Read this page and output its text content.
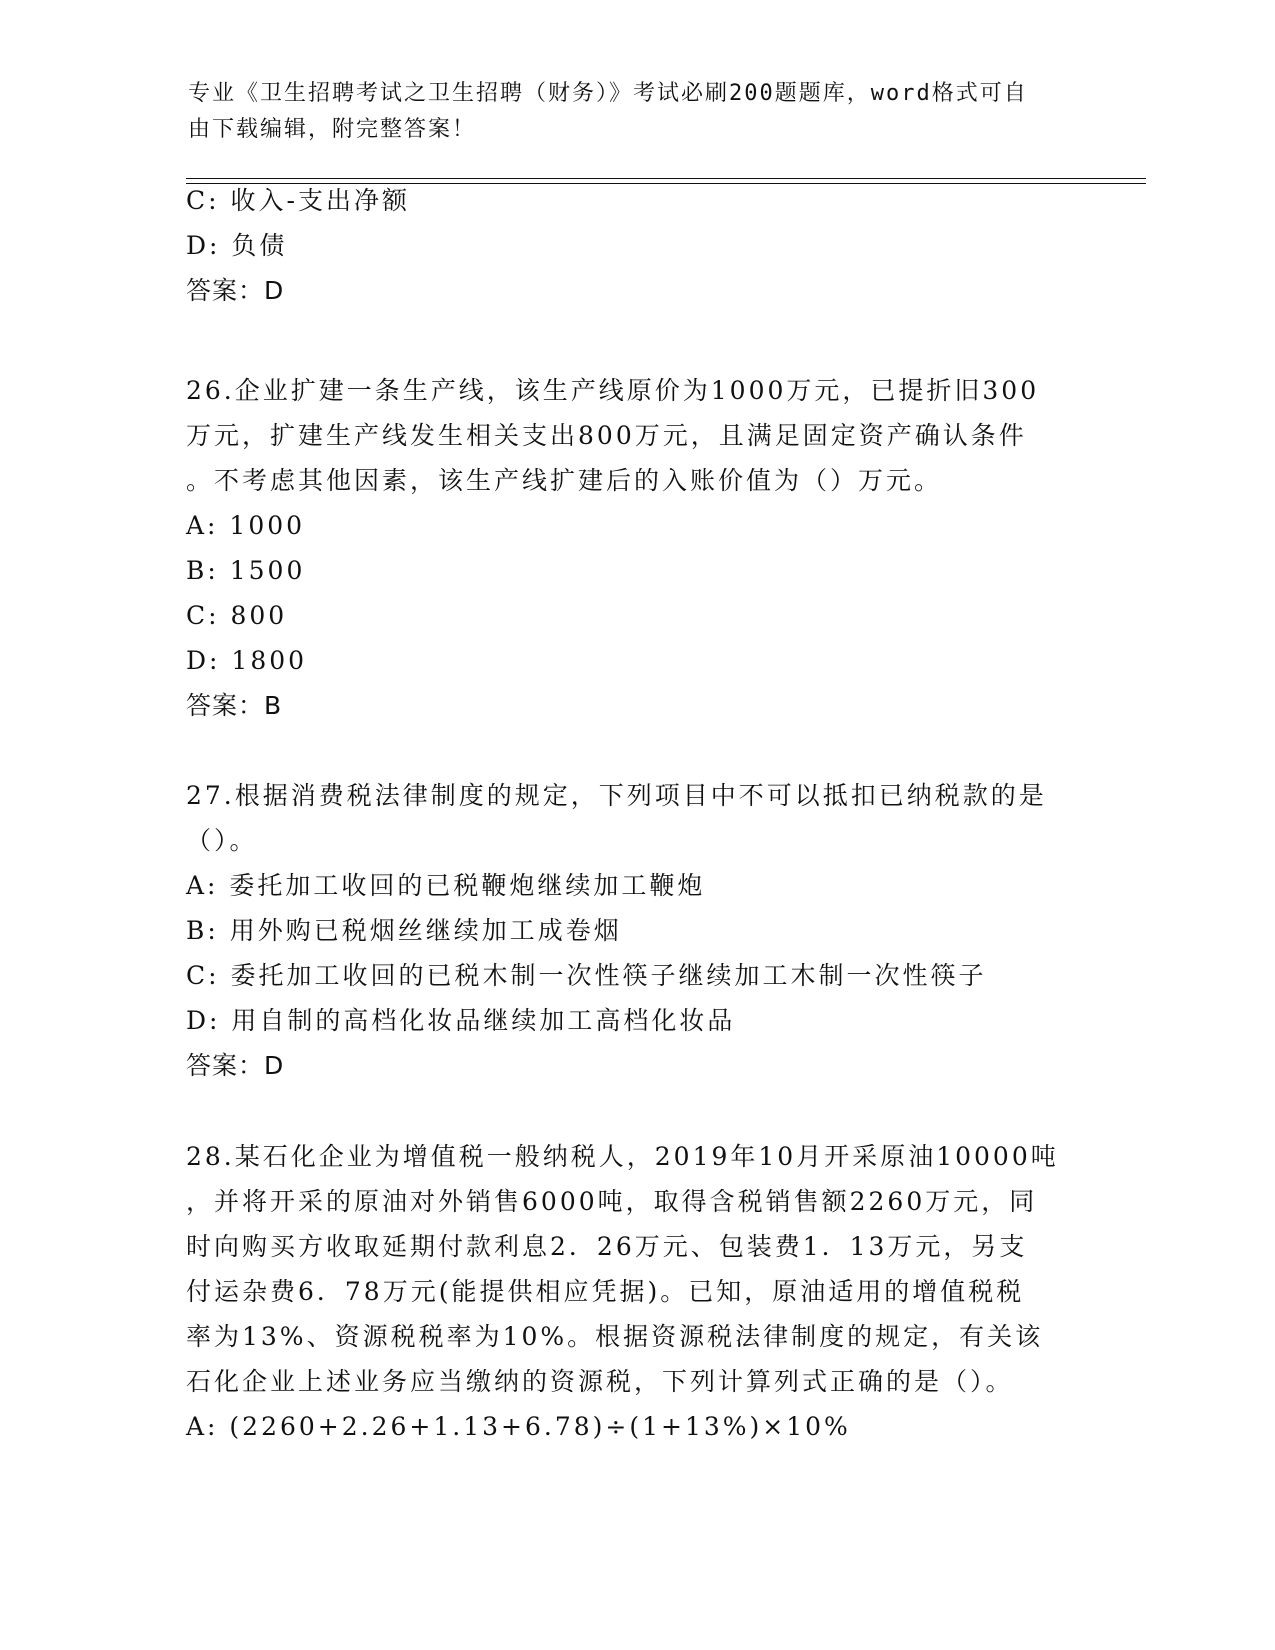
专业《卫生招聘考试之卫生招聘（财务）》考试必刷200题题库，word格式可自
由下载编辑，附完整答案！
C: 收入-支出净额
D: 负债
答案：D
26.企业扩建一条生产线，该生产线原价为1000万元，已提折旧300
万元，扩建生产线发生相关支出800万元，且满足固定资产确认条件
。不考虑其他因素，该生产线扩建后的入账价值为（）万元。
A: 1000
B: 1500
C: 800
D: 1800
答案：B
27.根据消费税法律制度的规定，下列项目中不可以抵扣已纳税款的是
（）。
A: 委托加工收回的已税鞭炮继续加工鞭炮
B: 用外购已税烟丝继续加工成卷烟
C: 委托加工收回的已税木制一次性筷子继续加工木制一次性筷子
D: 用自制的高档化妆品继续加工高档化妆品
答案：D
28.某石化企业为增值税一般纳税人，2019年10月开采原油10000吨
，并将开采的原油对外销售6000吨，取得含税销售额2260万元，同
时向购买方收取延期付款利息2．26万元、包装费1．13万元，另支
付运杂费6．78万元(能提供相应凭据)。已知，原油适用的增值税税
率为13%、资源税税率为10%。根据资源税法律制度的规定，有关该
石化企业上述业务应当缴纳的资源税，下列计算列式正确的是（）。
A: (2260+2.26+1.13+6.78)÷(1+13%)×10%
